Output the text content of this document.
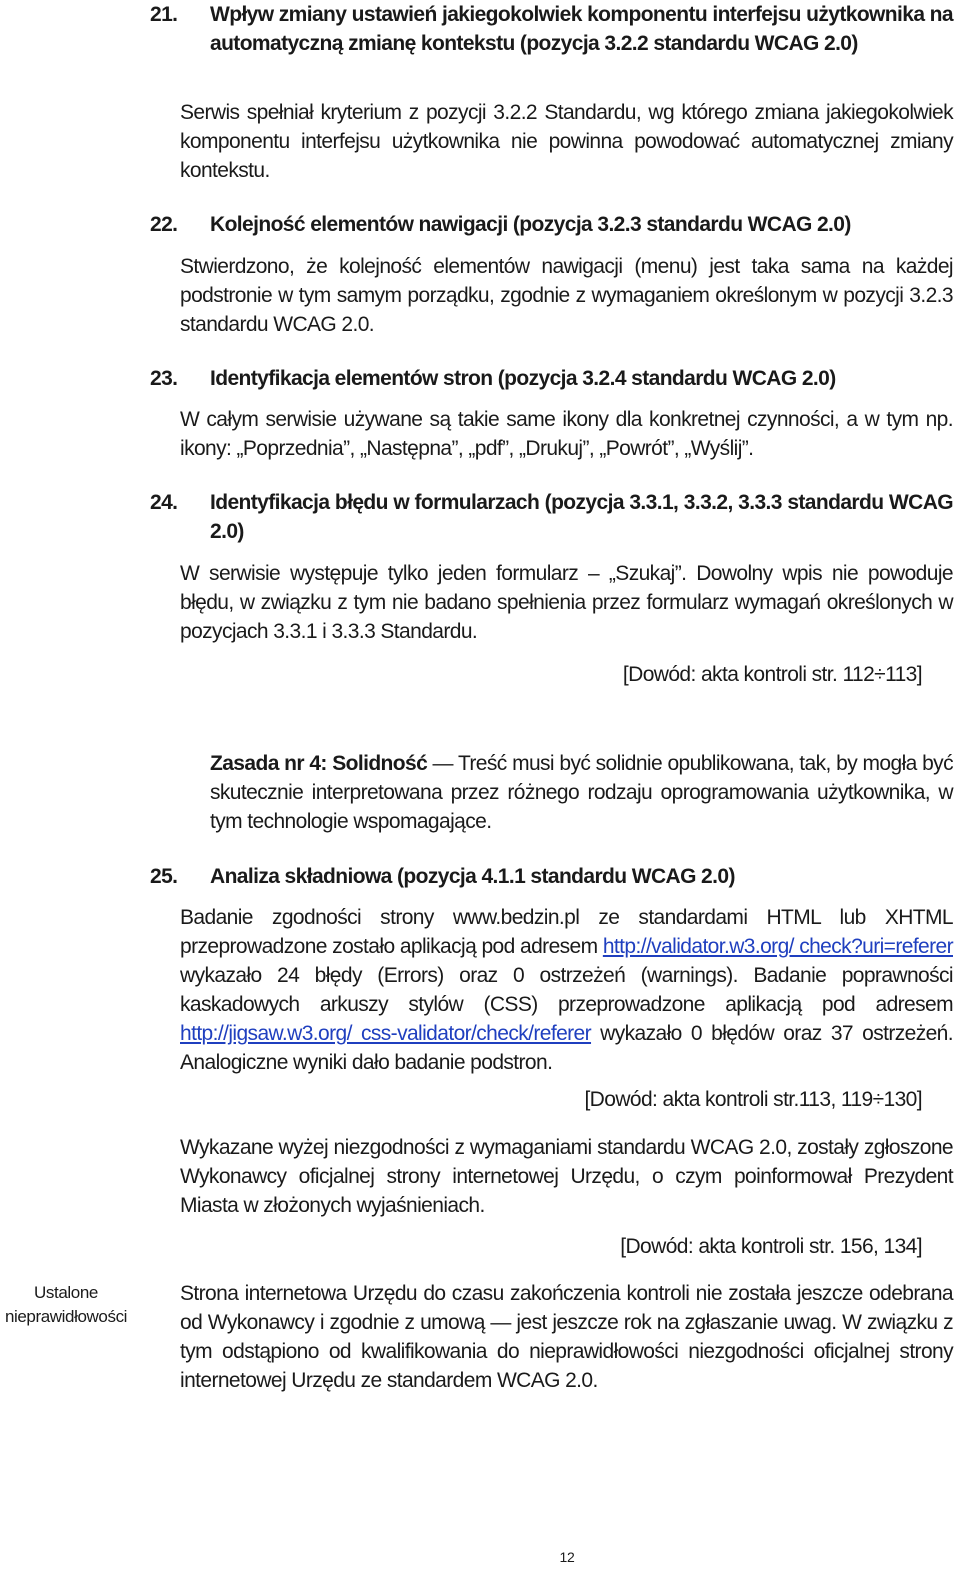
21. Wpływ zmiany ustawień jakiegokolwiek komponentu interfejsu użytkownika na automatyczną zmianę kontekstu (pozycja 3.2.2 standardu WCAG 2.0)
Serwis spełniał kryterium z pozycji 3.2.2 Standardu, wg którego zmiana jakiegokolwiek komponentu interfejsu użytkownika nie powinna powodować automatycznej zmiany kontekstu.
22. Kolejność elementów nawigacji (pozycja 3.2.3 standardu WCAG 2.0)
Stwierdzono, że kolejność elementów nawigacji (menu) jest taka sama na każdej podstronie w tym samym porządku, zgodnie z wymaganiem określonym w pozycji 3.2.3 standardu WCAG 2.0.
23. Identyfikacja elementów stron (pozycja 3.2.4 standardu WCAG 2.0)
W całym serwisie używane są takie same ikony dla konkretnej czynności, a w tym np. ikony: „Poprzednia”, „Następna”, „pdf”, „Drukuj”, „Powrót”, „Wyślij”.
24. Identyfikacja błędu w formularzach (pozycja 3.3.1, 3.3.2, 3.3.3 standardu WCAG 2.0)
W serwisie występuje tylko jeden formularz – „Szukaj”. Dowolny wpis nie powoduje błędu, w związku z tym nie badano spełnienia przez formularz wymagań określonych w pozycjach 3.3.1 i 3.3.3 Standardu.
[Dowód: akta kontroli str. 112÷113]
Zasada nr 4: Solidność — Treść musi być solidnie opublikowana, tak, by mogła być skutecznie interpretowana przez różnego rodzaju oprogramowania użytkownika, w tym technologie wspomagające.
25. Analiza składniowa (pozycja 4.1.1 standardu WCAG 2.0)
Badanie zgodności strony www.bedzin.pl ze standardami HTML lub XHTML przeprowadzone zostało aplikacją pod adresem http://validator.w3.org/ check?uri=referer wykazało 24 błędy (Errors) oraz 0 ostrzeżeń (warnings). Badanie poprawności kaskadowych arkuszy stylów (CSS) przeprowadzone aplikacją pod adresem http://jigsaw.w3.org/ css-validator/check/referer wykazało 0 błędów oraz 37 ostrzeżeń. Analogiczne wyniki dało badanie podstron.
[Dowód: akta kontroli str.113, 119÷130]
Wykazane wyżej niezgodności z wymaganiami standardu WCAG 2.0, zostały zgłoszone Wykonawcy oficjalnej strony internetowej Urzędu, o czym poinformował Prezydent Miasta w złożonych wyjaśnieniach.
[Dowód: akta kontroli str. 156, 134]
Ustalone nieprawidłowości
Strona internetowa Urzędu do czasu zakończenia kontroli nie została jeszcze odebrana od Wykonawcy i zgodnie z umową — jest jeszcze rok na zgłaszanie uwag. W związku z tym odstąpiono od kwalifikowania do nieprawidłowości niezgodności oficjalnej strony internetowej Urzędu ze standardem WCAG 2.0.
12
